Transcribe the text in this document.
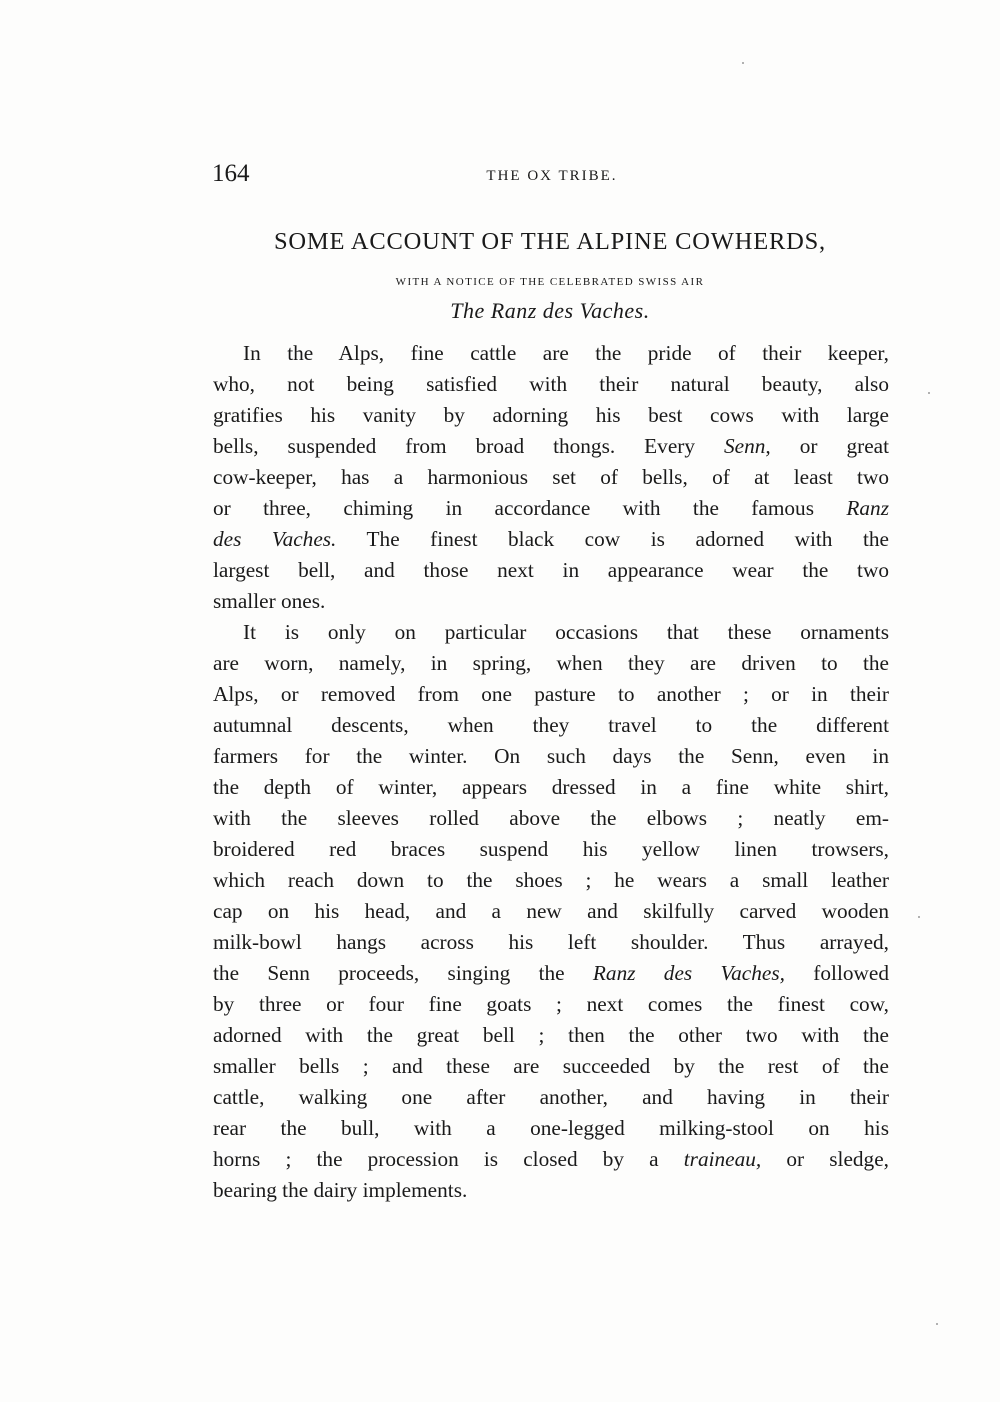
164	THE OX TRIBE.
SOME ACCOUNT OF THE ALPINE COWHERDS,
WITH A NOTICE OF THE CELEBRATED SWISS AIR
The Ranz des Vaches.
In the Alps, fine cattle are the pride of their keeper,
who, not being satisfied with their natural beauty, also
gratifies his vanity by adorning his best cows with large
bells, suspended from broad thongs. Every Senn, or great
cow-keeper, has a harmonious set of bells, of at least two
or three, chiming in accordance with the famous Ranz
des Vaches. The finest black cow is adorned with the
largest bell, and those next in appearance wear the two
smaller ones.
It is only on particular occasions that these ornaments
are worn, namely, in spring, when they are driven to the
Alps, or removed from one pasture to another ; or in their
autumnal descents, when they travel to the different
farmers for the winter. On such days the Senn, even in
the depth of winter, appears dressed in a fine white shirt,
with the sleeves rolled above the elbows ; neatly em-
broidered red braces suspend his yellow linen trowsers,
which reach down to the shoes ; he wears a small leather
cap on his head, and a new and skilfully carved wooden
milk-bowl hangs across his left shoulder. Thus arrayed,
the Senn proceeds, singing the Ranz des Vaches, followed
by three or four fine goats ; next comes the finest cow,
adorned with the great bell ; then the other two with the
smaller bells ; and these are succeeded by the rest of the
cattle, walking one after another, and having in their
rear the bull, with a one-legged milking-stool on his
horns ; the procession is closed by a traineau, or sledge,
bearing the dairy implements.
